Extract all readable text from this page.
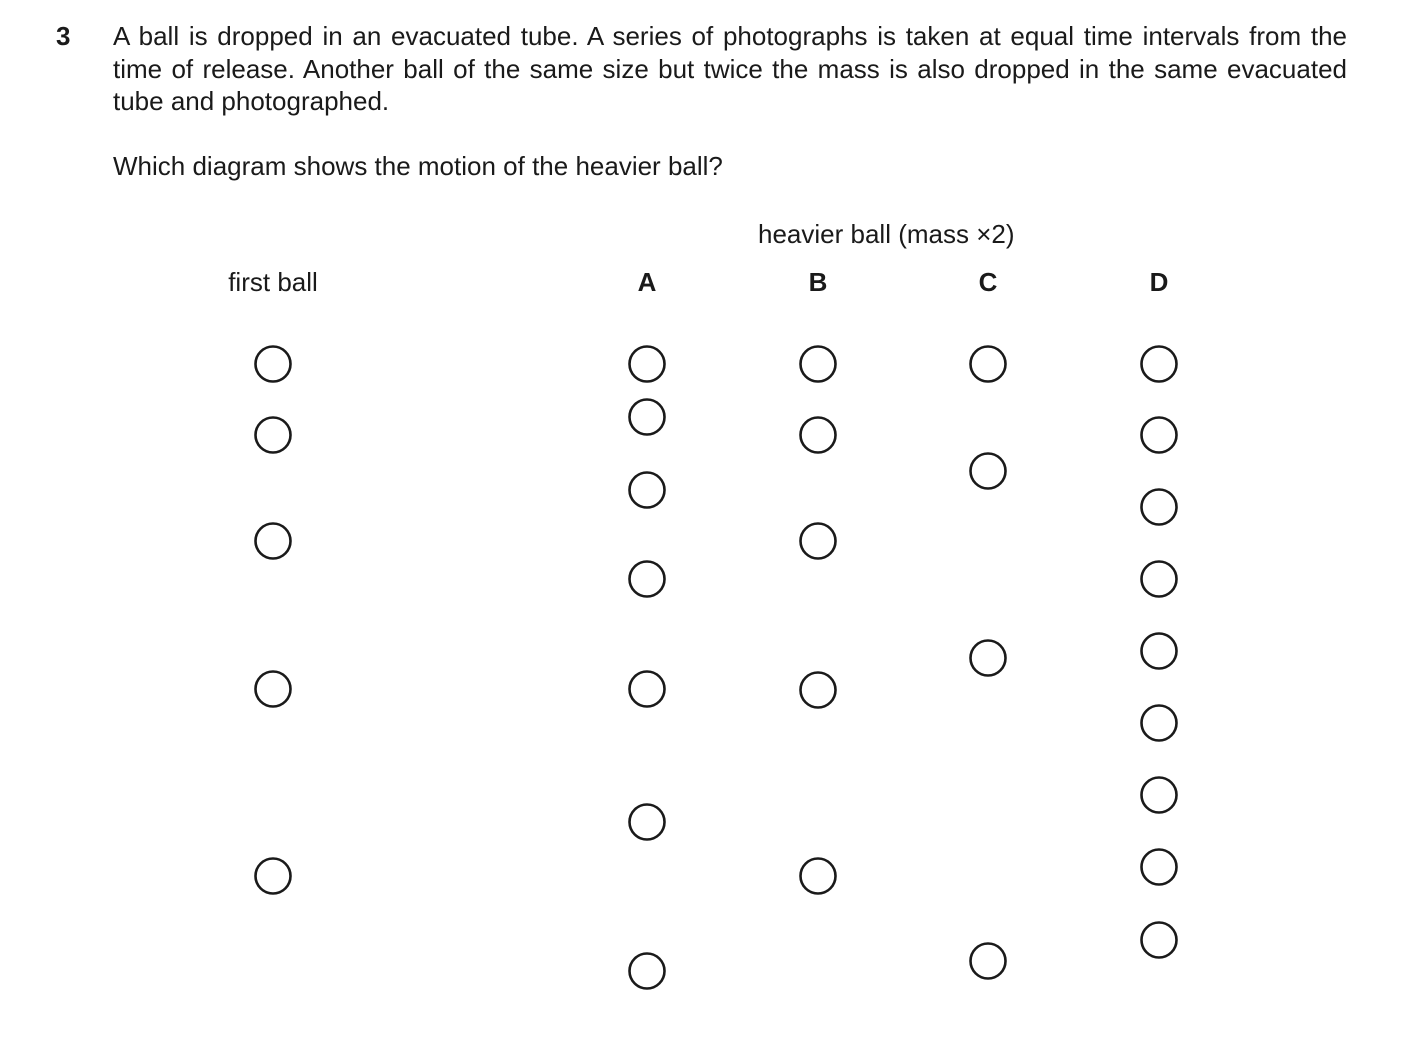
3 A ball is dropped in an evacuated tube. A series of photographs is taken at equal time intervals from the time of release. Another ball of the same size but twice the mass is also dropped in the same evacuated tube and photographed.
Which diagram shows the motion of the heavier ball?
heavier ball (mass ×2)
first ball	A	B	C	D
